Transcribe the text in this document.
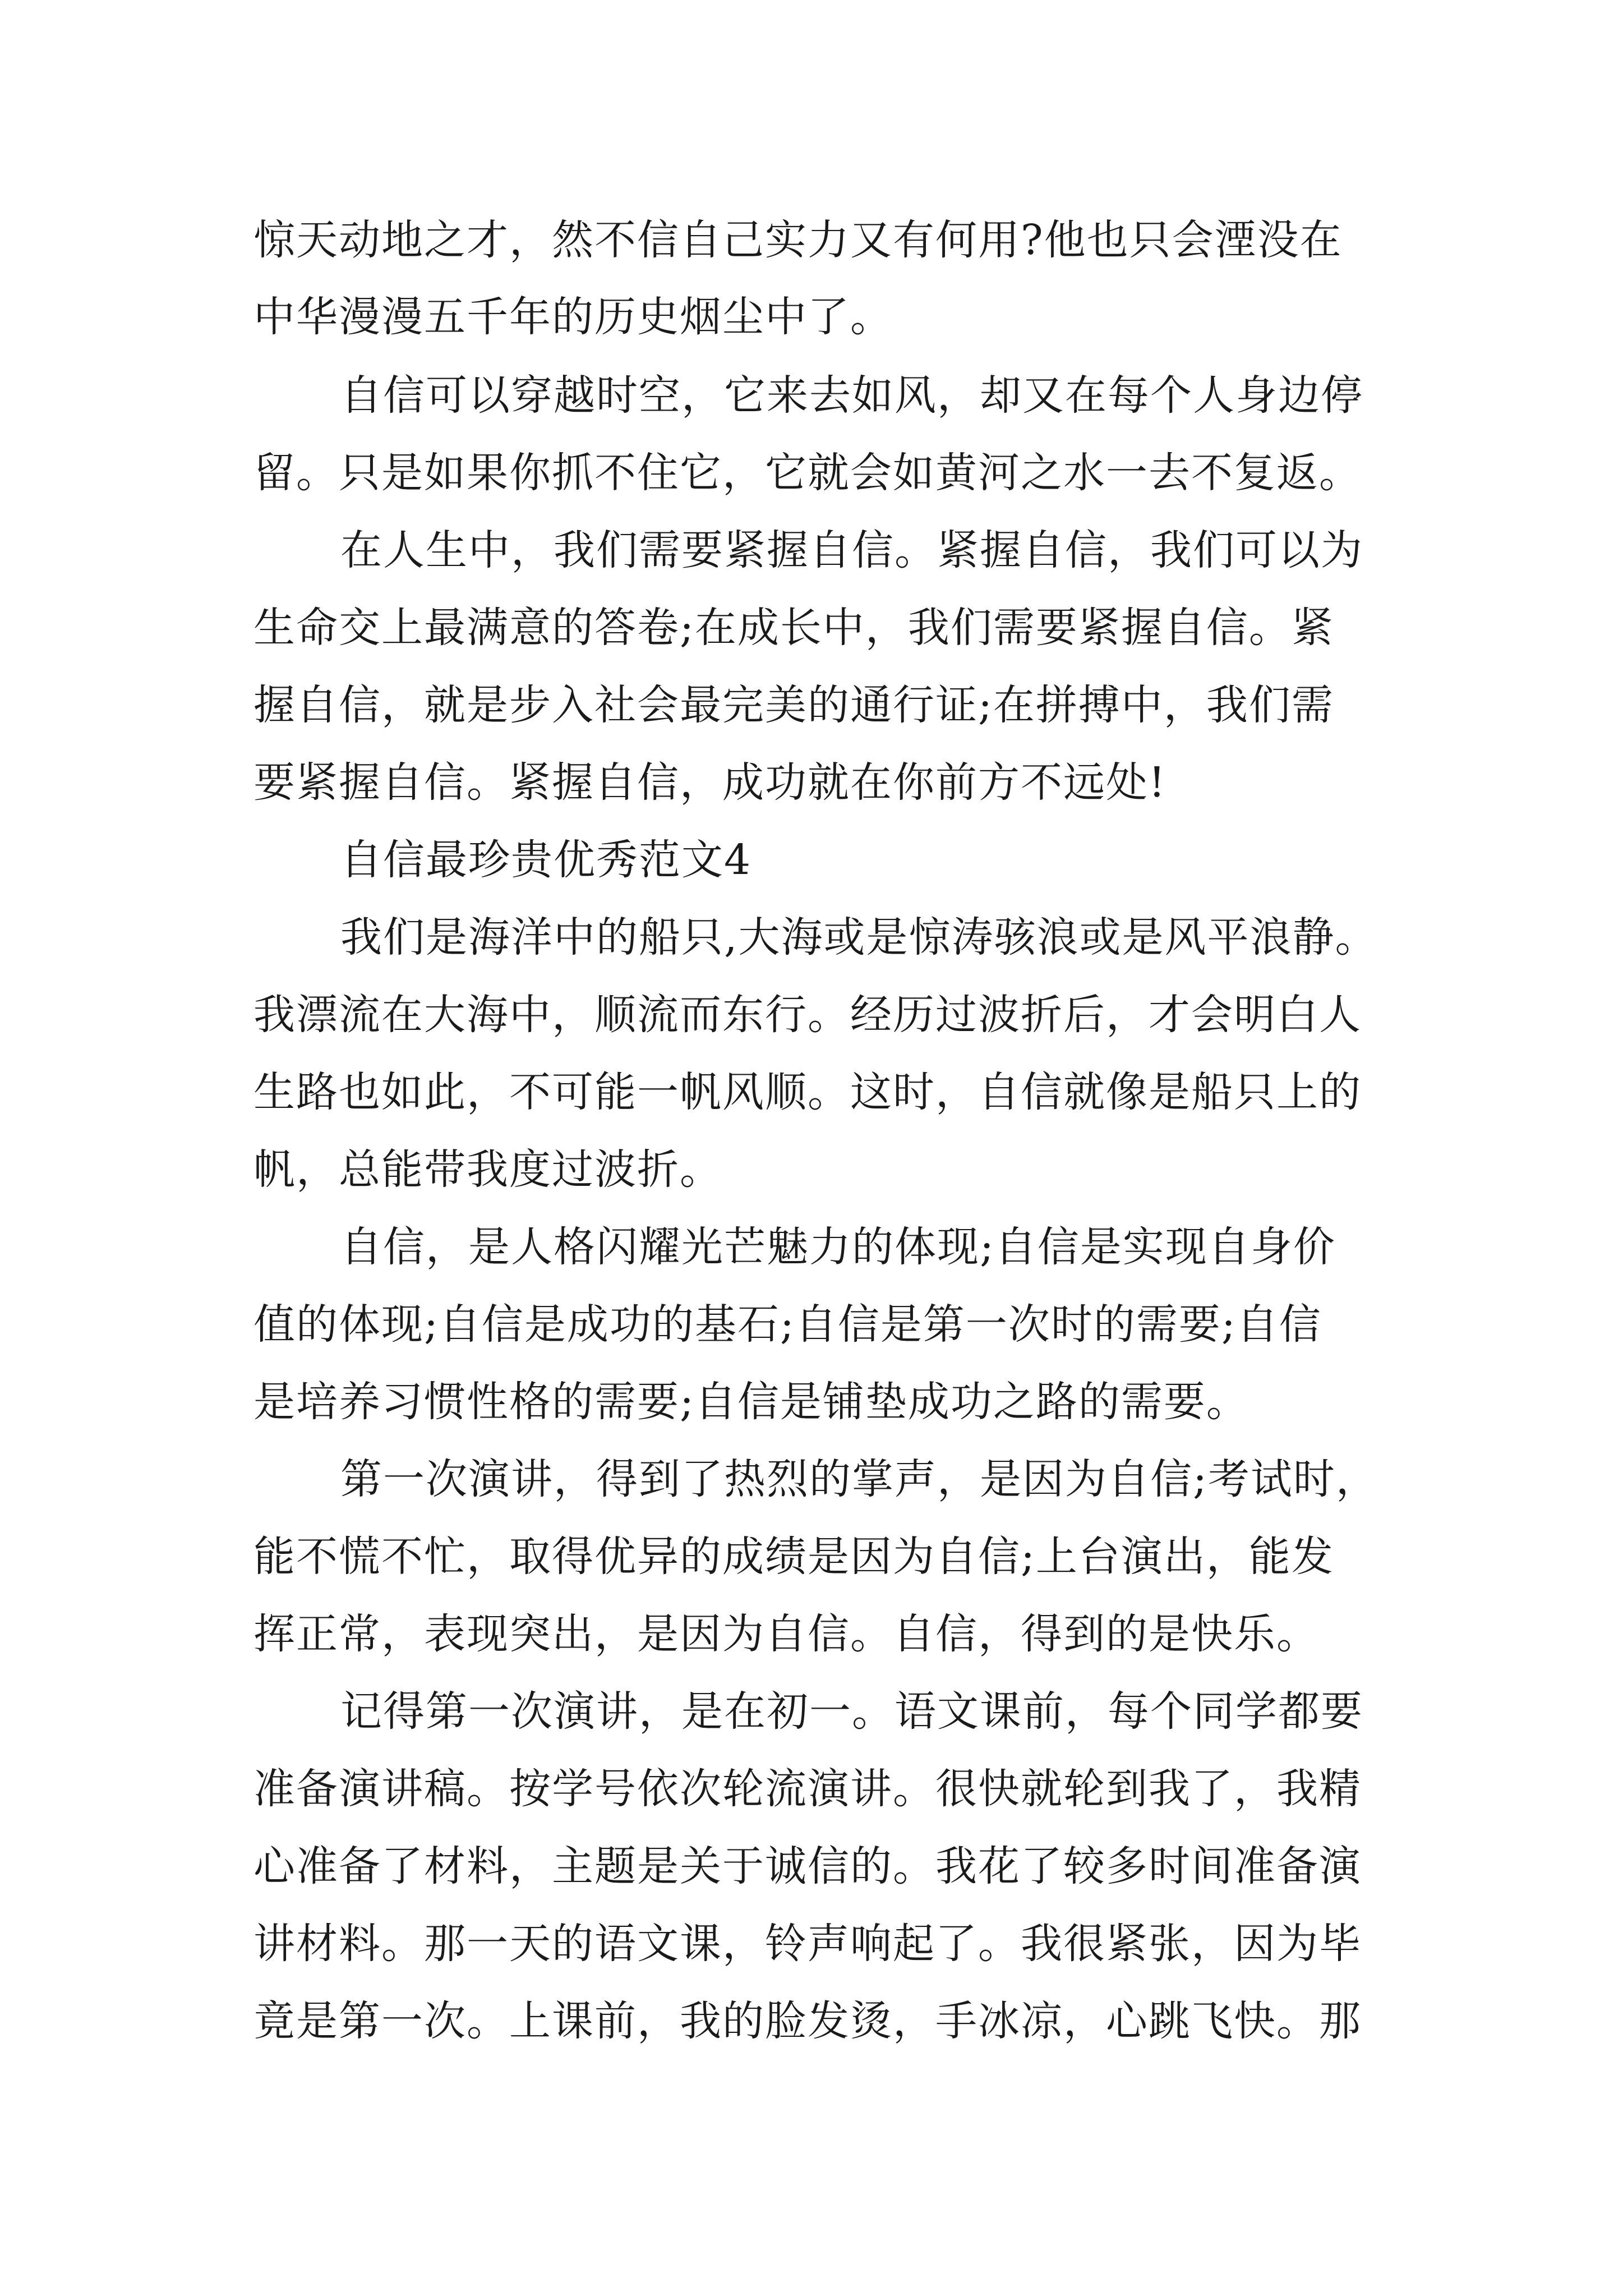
惊天动地之才，然不信自己实力又有何用?他也只会湮没在

中华漫漫五千年的历史烟尘中了。

自信可以穿越时空，它来去如风，却又在每个人身边停

留。只是如果你抓不住它，它就会如黄河之水一去不复返。

在人生中，我们需要紧握自信。紧握自信，我们可以为

生命交上最满意的答卷;在成长中，我们需要紧握自信。紧

握自信，就是步入社会最完美的通行证;在拼搏中，我们需

要紧握自信。紧握自信，成功就在你前方不远处!

自信最珍贵优秀范文4

我们是海洋中的船只,大海或是惊涛骇浪或是风平浪静。

我漂流在大海中，顺流而东行。经历过波折后，才会明白人

生路也如此，不可能一帆风顺。这时，自信就像是船只上的

帆，总能带我度过波折。

自信，是人格闪耀光芒魅力的体现;自信是实现自身价

值的体现;自信是成功的基石;自信是第一次时的需要;自信

是培养习惯性格的需要;自信是铺垫成功之路的需要。

第一次演讲，得到了热烈的掌声，是因为自信;考试时，

能不慌不忙，取得优异的成绩是因为自信;上台演出，能发

挥正常，表现突出，是因为自信。自信，得到的是快乐。

记得第一次演讲，是在初一。语文课前，每个同学都要

准备演讲稿。按学号依次轮流演讲。很快就轮到我了，我精

心准备了材料，主题是关于诚信的。我花了较多时间准备演

讲材料。那一天的语文课，铃声响起了。我很紧张，因为毕

竟是第一次。上课前，我的脸发烫，手冰凉，心跳飞快。那
